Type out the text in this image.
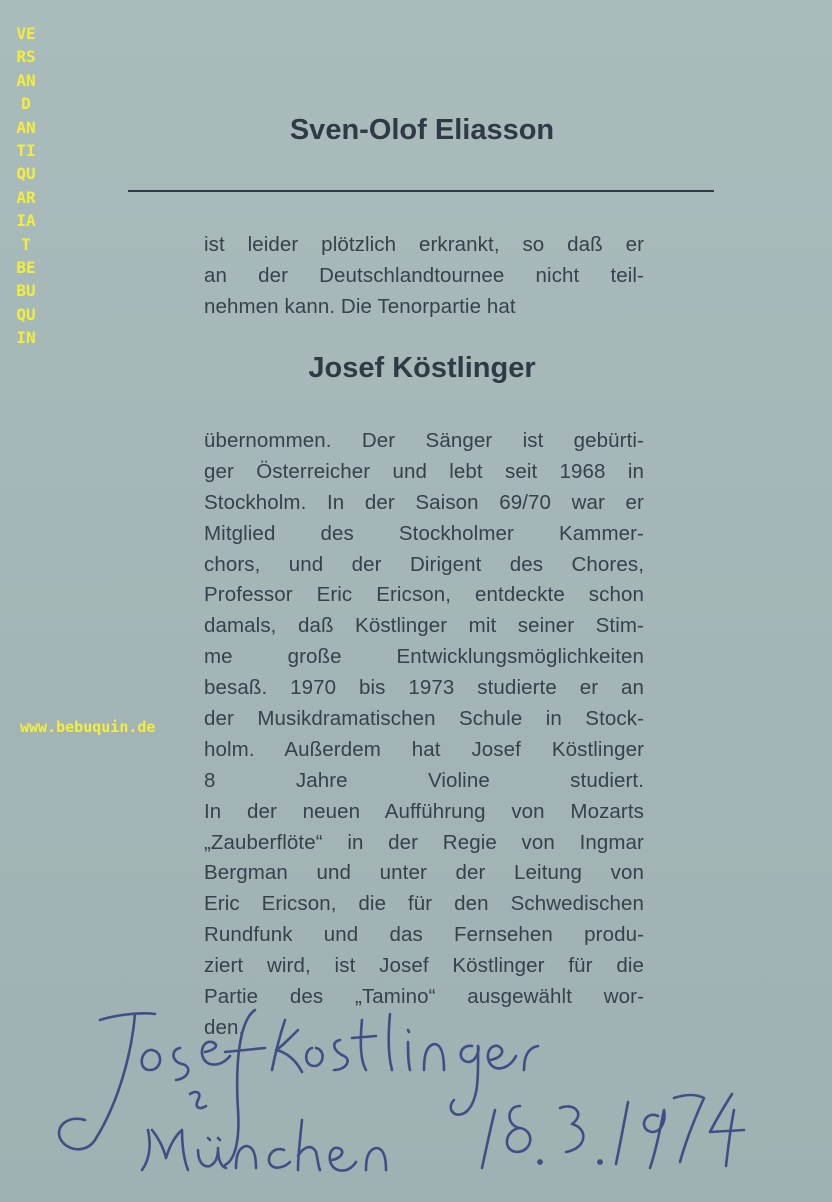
VERSAND ANTIQUARIAT BEBUQUIN
www.bebuquin.de
Sven-Olof Eliasson
ist leider plötzlich erkrankt, so daß er
an der Deutschlandtournee nicht teil-
nehmen kann. Die Tenorpartie hat
Josef Köstlinger
übernommen. Der Sänger ist gebürti-
ger Österreicher und lebt seit 1968 in
Stockholm. In der Saison 69/70 war er
Mitglied des Stockholmer Kammer-
chors, und der Dirigent des Chores,
Professor Eric Ericson, entdeckte schon
damals, daß Köstlinger mit seiner Stim-
me große Entwicklungsmöglichkeiten
besaß. 1970 bis 1973 studierte er an
der Musikdramatischen Schule in Stock-
holm. Außerdem hat Josef Köstlinger
8 Jahre Violine studiert.
In der neuen Aufführung von Mozarts
„Zauberflöte“ in der Regie von Ingmar
Bergman und unter der Leitung von
Eric Ericson, die für den Schwedischen
Rundfunk und das Fernsehen produ-
ziert wird, ist Josef Köstlinger für die
Partie des „Tamino“ ausgewählt wor-
den.
